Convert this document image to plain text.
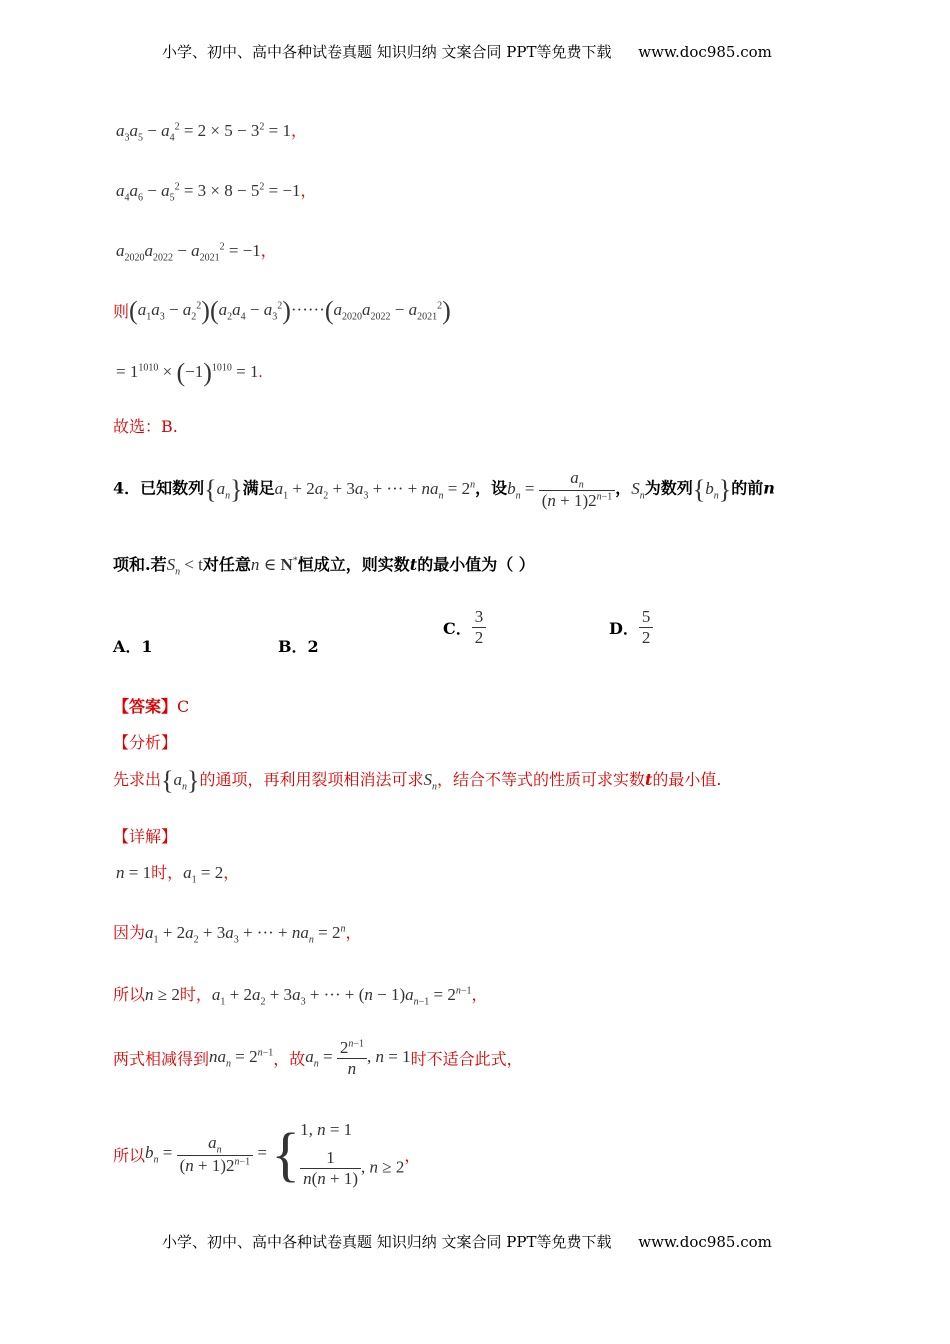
小学、初中、高中各种试卷真题 知识归纳 文案合同 PPT等免费下载 www.doc985.com
$a_3a_5 - a_4^2 = 2 \times 5 - 3^2 = 1$，
$a_4a_6 - a_5^2 = 3 \times 8 - 5^2 = -1$，
$a_{2020}a_{2022} - a_{2021}^2 = -1$，
则$(a_1a_3 - a_2^2)(a_2a_4 - a_3^2)\cdot\cdot\cdot\cdot\cdot\cdot(a_{2020}a_{2022} - a_{2021}^2)$
= $1^{1010} \times (-1)^{1010} = 1$.
故选：B.
4．已知数列$\{a_n\}$满足$a_1 + 2a_2 + 3a_3$ + ··· + $na_n = 2^n$，设$b_n = \frac{a_n}{(n + 1)2^{n-1}}$ ，$S_n$为数列$\{b_n\}$的前n
项和.若$S_n < t$对任意n ∈ N*恒成立，则实数t的最小值为（ ）
A．1	B．2
C． $\frac{3}{2}$	D． $\frac{5}{2}$
【答案】C
【分析】
先求出$\{a_n\}$的通项，再利用裂项相消法可求$S_n$，结合不等式的性质可求实数t的最小值.
【详解】
n = 1时，$a_1 = 2$，
因为$a_1 + 2a_2 + 3a_3$ + ··· + $na_n = 2^n$，
所以n ≥ 2时，$a_1 + 2a_2 + 3a_3$ + ··· + $(n - 1)a_{n-1} = 2^{n-1}$，
两式相减得到$na_n = 2^{n-1}$，故$a_n = \frac{2^{n-1}}{n}$ , n = 1时不适合此式，
所以$b_n = \frac{a_n}{(n + 1)2^{n-1}}$ = { 1, n = 1
$\frac{1}{n(n + 1)}$ , n ≥ 2
，
小学、初中、高中各种试卷真题 知识归纳 文案合同 PPT等免费下载 www.doc985.com
